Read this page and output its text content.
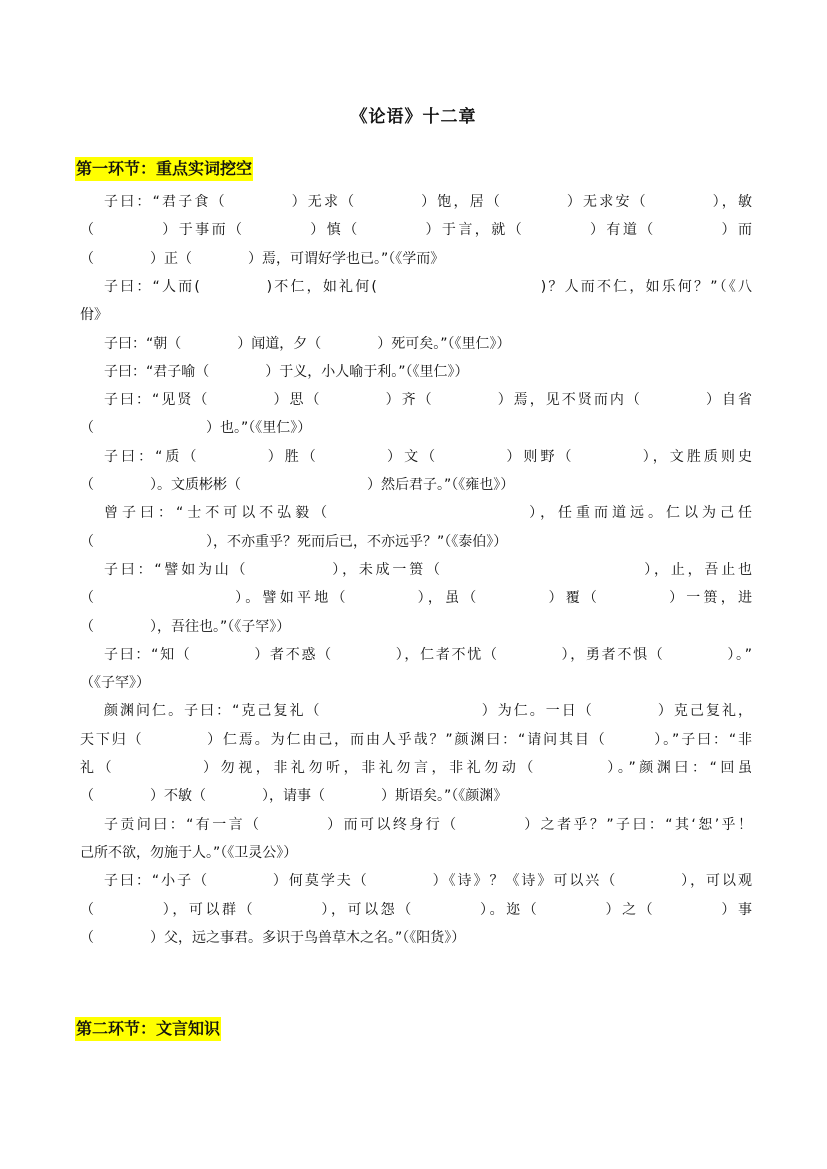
《论语》十二章
第一环节：重点实词挖空
子曰：“君子食（　　　　）无求（　　　　）饱，居（　　　　）无求安（　　　　），敏
（　　　　）于事而（　　　　）慎（　　　　）于言，就（　　　　）有道（　　　　）而
（　　　　）正（　　　　）焉，可谓好学也已。”（《学而》
子曰：“人而(　　　　)不仁，如礼何(　　　　　　　　　　)？人而不仁，如乐何？”（《八
佾》
子曰：“朝（　　　　）闻道，夕（　　　　）死可矣。”（《里仁》）
子曰：“君子喻（　　　　）于义，小人喻于利。”（《里仁》）
子曰：“见贤（　　　　）思（　　　　）齐（　　　　）焉，见不贤而内（　　　　）自省
（　　　　　　　　）也。”（《里仁》）
子曰：“质（　　　　）胜（　　　　）文（　　　　）则野（　　　　），文胜质则史
（　　　　）。文质彬彬（　　　　　　　　　）然后君子。”（《雍也》）
曾子曰：“士不可以不弘毅（　　　　　　　　　　　），任重而道远。仁以为己任
（　　　　　　　　），不亦重乎？死而后已，不亦远乎？”（《泰伯》）
子曰：“譬如为山（　　　　　），未成一篑（　　　　　　　　　　　　），止，吾止也
（　　　　　　　　）。譬如平地（　　　　），虽（　　　　）覆（　　　　）一篑，进
（　　　　），吾往也。”（《子罕》）
子曰：“知（　　　　）者不惑（　　　　），仁者不忧（　　　　），勇者不惧（　　　　）。”
（《子罕》）
颜渊问仁。子曰：“克己复礼（　　　　　　　　　　）为仁。一日（　　　　）克己复礼，
天下归（　　　　）仁焉。为仁由己，而由人乎哉？”颜渊曰：“请问其目（　　　）。”子曰：“非
礼（　　　　　）勿视，非礼勿听，非礼勿言，非礼勿动（　　　　）。”颜渊曰：“回虽
（　　　　）不敏（　　　　），请事（　　　　）斯语矣。”（《颜渊》
子贡问曰：“有一言（　　　　）而可以终身行（　　　　）之者乎？”子曰：“其‘恕’乎！
己所不欲，勿施于人。”（《卫灵公》）
子曰：“小子（　　　　）何莫学夫（　　　　）《诗》？《诗》可以兴（　　　　），可以观
（　　　　），可以群（　　　　），可以怨（　　　　）。迩（　　　　）之（　　　　）事
（　　　　）父，远之事君。多识于鸟兽草木之名。”（《阳货》）
第二环节：文言知识
